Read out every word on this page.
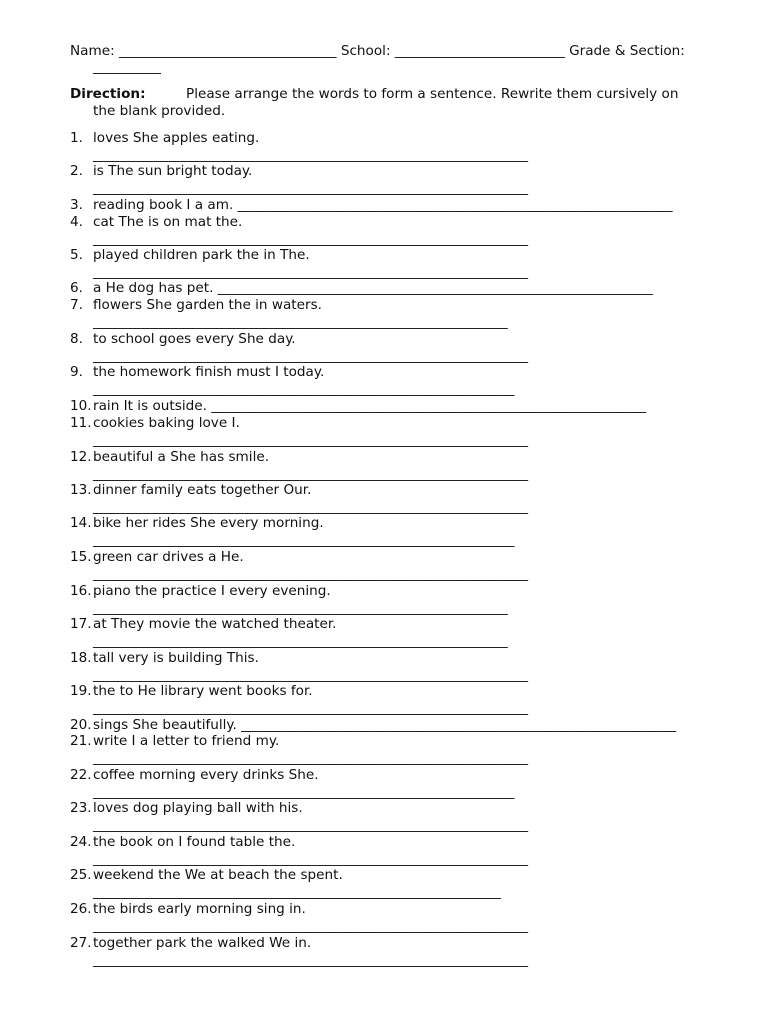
Name: ________________________________ School: _________________________ Grade & Section:
__________
Direction:	Please arrange the words to form a sentence. Rewrite them cursively on
the blank provided.
1. loves She apples eating.
________________________________________________________________
2. is The sun bright today.
________________________________________________________________
3. reading book I a am. ________________________________________________________________
4. cat The is on mat the.
________________________________________________________________
5. played children park the in The.
________________________________________________________________
6. a He dog has pet. ________________________________________________________________
7. flowers She garden the in waters.
_____________________________________________________________
8. to school goes every She day.
________________________________________________________________
9. the homework finish must I today.
______________________________________________________________
10.rain It is outside. ________________________________________________________________
11.cookies baking love I.
________________________________________________________________
12.beautiful a She has smile.
________________________________________________________________
13.dinner family eats together Our.
________________________________________________________________
14.bike her rides She every morning.
______________________________________________________________
15.green car drives a He.
________________________________________________________________
16.piano the practice I every evening.
_____________________________________________________________
17.at They movie the watched theater.
_____________________________________________________________
18.tall very is building This.
________________________________________________________________
19.the to He library went books for.
________________________________________________________________
20.sings She beautifully. ________________________________________________________________
21.write I a letter to friend my.
________________________________________________________________
22.coffee morning every drinks She.
______________________________________________________________
23.loves dog playing ball with his.
________________________________________________________________
24.the book on I found table the.
________________________________________________________________
25.weekend the We at beach the spent.
____________________________________________________________
26.the birds early morning sing in.
________________________________________________________________
27.together park the walked We in.
________________________________________________________________
